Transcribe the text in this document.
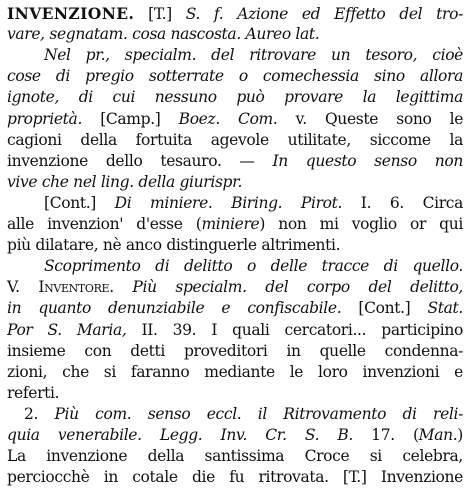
INVENZIONE. [T.] S. f. Azione ed Effetto del tro-
vare, segnatam. cosa nascosta. Aureo lat.
Nel pr., specialm. del ritrovare un tesoro, cioè
cose di pregio sotterrate o comechessia sino allora
ignote, di cui nessuno può provare la legittima
proprietà. [Camp.] Boez. Com. v. Queste sono le
cagioni della fortuita agevole utilitate, siccome la
invenzione dello tesauro. — In questo senso non
vive che nel ling. della giurispr.
[Cont.] Di miniere. Biring. Pirot. I. 6. Circa
alle invenzion' d'esse (miniere) non mi voglio or qui
più dilatare, nè anco distinguerle altrimenti.
Scoprimento di delitto o delle tracce di quello.
V. Inventore. Più specialm. del corpo del delitto,
in quanto denunziabile e confiscabile. [Cont.] Stat.
Por S. Maria, II. 39. I quali cercatori... participino
insieme con detti proveditori in quelle condenna-
zioni, che si faranno mediante le loro invenzioni e
referti.
2. Più com. senso eccl. il Ritrovamento di reli-
quia venerabile. Legg. Inv. Cr. S. B. 17. (Man.)
La invenzione della santissima Croce si celebra,
perciocchè in cotale die fu ritrovata. [T.] Invenzione
